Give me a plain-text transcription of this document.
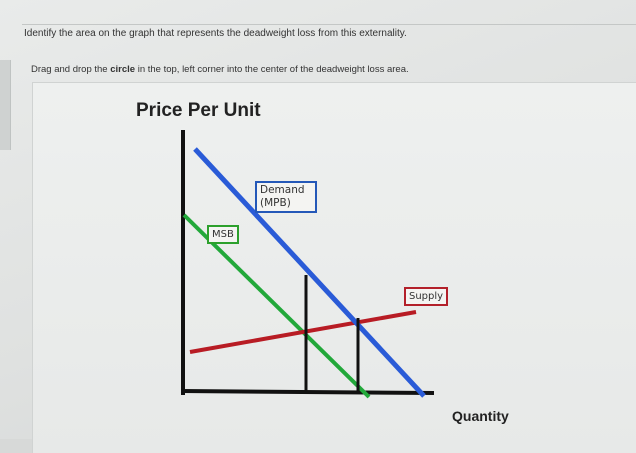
Identify the area on the graph that represents the deadweight loss from this externality.
Drag and drop the circle in the top, left corner into the center of the deadweight loss area.
Price Per Unit
Demand
(MPB)
MSB
Supply
Quantity
